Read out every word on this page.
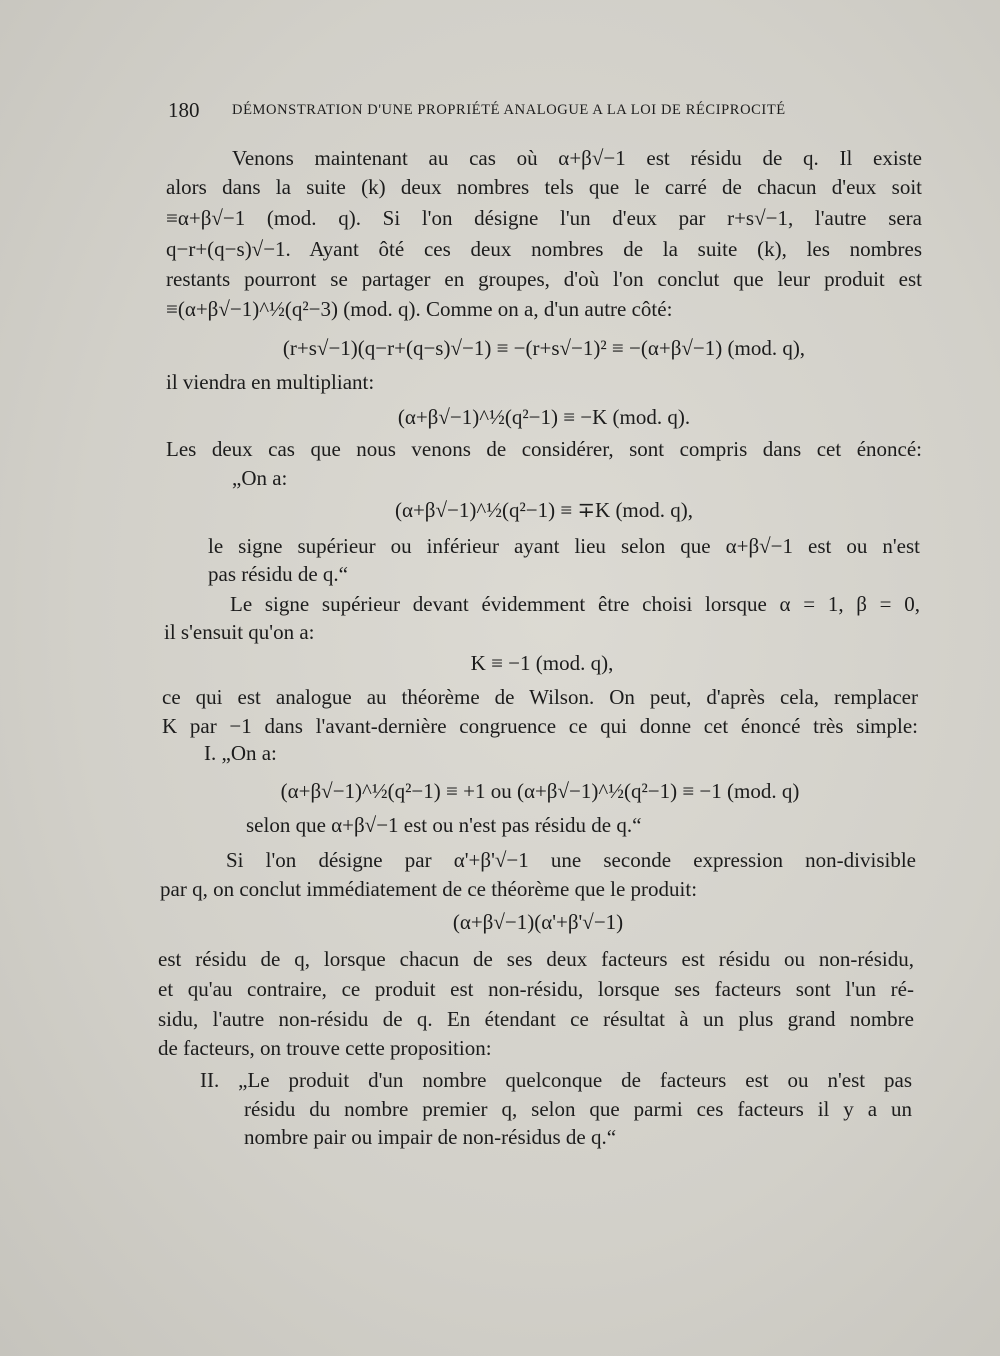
180 DÉMONSTRATION D'UNE PROPRIÉTÉ ANALOGUE A LA LOI DE RÉCIPROCITÉ
Venons maintenant au cas où α+β√−1 est résidu de q. Il existe
alors dans la suite (k) deux nombres tels que le carré de chacun d'eux soit
≡α+β√−1 (mod. q). Si l'on désigne l'un d'eux par r+s√−1, l'autre sera
q−r+(q−s)√−1. Ayant ôté ces deux nombres de la suite (k), les nombres
restants pourront se partager en groupes, d'où l'on conclut que leur produit est
≡(α+β√−1)^½(q²−3) (mod. q). Comme on a, d'un autre côté:
(r+s√−1)(q−r+(q−s)√−1) ≡ −(r+s√−1)² ≡ −(α+β√−1) (mod. q),
il viendra en multipliant:
(α+β√−1)^½(q²−1) ≡ −K (mod. q).
Les deux cas que nous venons de considérer, sont compris dans cet énoncé:
„On a:
(α+β√−1)^½(q²−1) ≡ ∓K (mod. q),
le signe supérieur ou inférieur ayant lieu selon que α+β√−1 est ou n'est
pas résidu de q.“
Le signe supérieur devant évidemment être choisi lorsque α = 1, β = 0,
il s'ensuit qu'on a:
K ≡ −1 (mod. q),
ce qui est analogue au théorème de Wilson. On peut, d'après cela, remplacer
K par −1 dans l'avant-dernière congruence ce qui donne cet énoncé très simple:
I. „On a:
(α+β√−1)^½(q²−1) ≡ +1 ou (α+β√−1)^½(q²−1) ≡ −1 (mod. q)
selon que α+β√−1 est ou n'est pas résidu de q.“
Si l'on désigne par α'+β'√−1 une seconde expression non-divisible
par q, on conclut immédiatement de ce théorème que le produit:
(α+β√−1)(α'+β'√−1)
est résidu de q, lorsque chacun de ses deux facteurs est résidu ou non-résidu,
et qu'au contraire, ce produit est non-résidu, lorsque ses facteurs sont l'un ré-
sidu, l'autre non-résidu de q. En étendant ce résultat à un plus grand nombre
de facteurs, on trouve cette proposition:
II. „Le produit d'un nombre quelconque de facteurs est ou n'est pas
résidu du nombre premier q, selon que parmi ces facteurs il y a un
nombre pair ou impair de non-résidus de q.“
